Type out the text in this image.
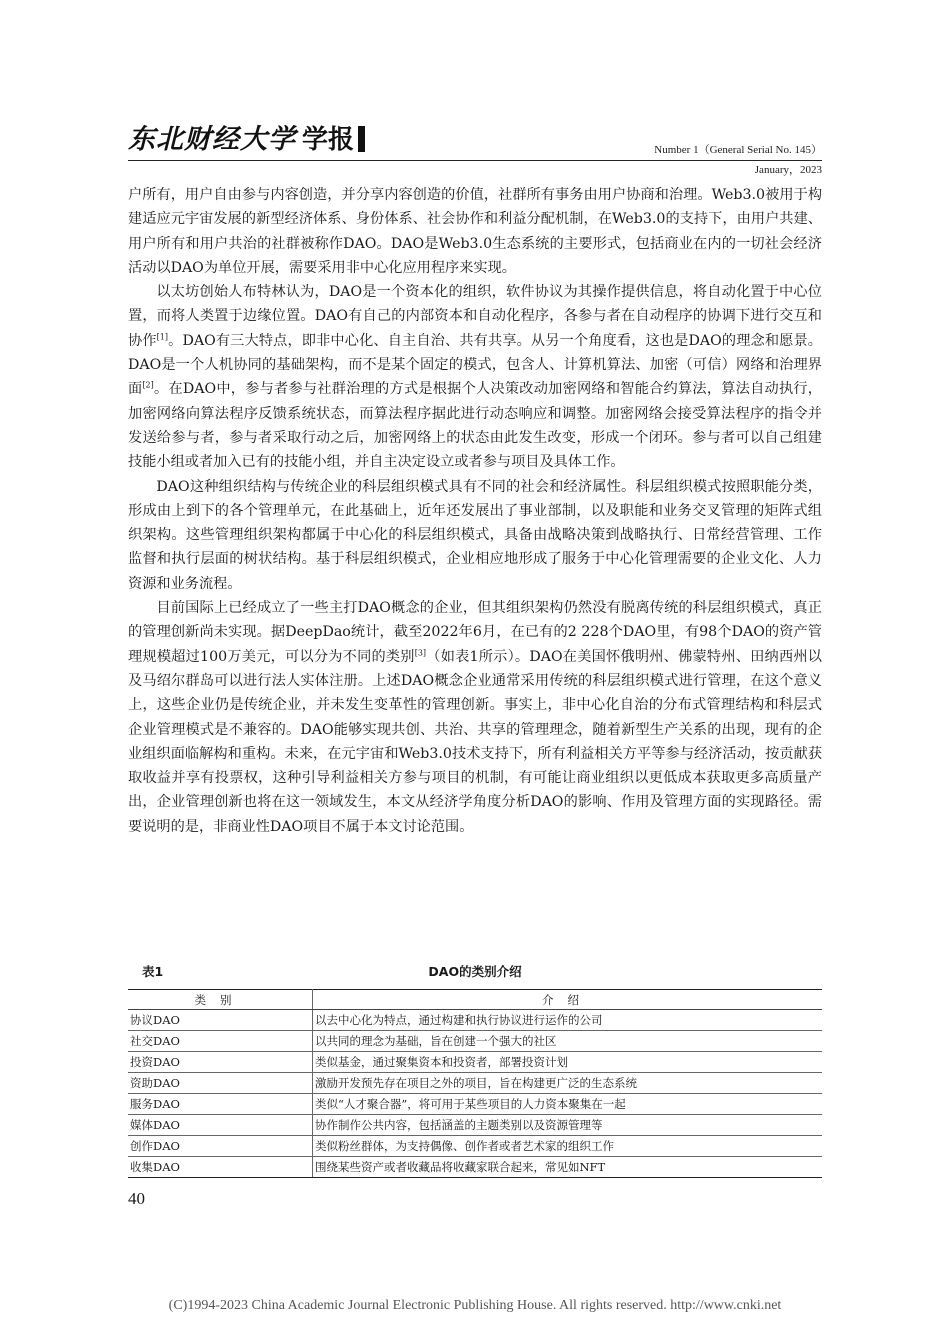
东北财经大学 学报	Number 1（General Serial No. 145）
January，2023

户所有，用户自由参与内容创造，并分享内容创造的价值，社群所有事务由用户协商和治理。Web3.0被用于构建适应元宇宙发展的新型经济体系、身份体系、社会协作和利益分配机制，在Web3.0的支持下，由用户共建、用户所有和用户共治的社群被称作DAO。DAO是Web3.0生态系统的主要形式，包括商业在内的一切社会经济活动以DAO为单位开展，需要采用非中心化应用程序来实现。

以太坊创始人布特林认为，DAO是一个资本化的组织，软件协议为其操作提供信息，将自动化置于中心位置，而将人类置于边缘位置。DAO有自己的内部资本和自动化程序，各参与者在自动程序的协调下进行交互和协作[1]。DAO有三大特点，即非中心化、自主自治、共有共享。从另一个角度看，这也是DAO的理念和愿景。DAO是一个人机协同的基础架构，而不是某个固定的模式，包含人、计算机算法、加密（可信）网络和治理界面[2]。在DAO中，参与者参与社群治理的方式是根据个人决策改动加密网络和智能合约算法，算法自动执行，加密网络向算法程序反馈系统状态，而算法程序据此进行动态响应和调整。加密网络会接受算法程序的指令并发送给参与者，参与者采取行动之后，加密网络上的状态由此发生改变，形成一个闭环。参与者可以自己组建技能小组或者加入已有的技能小组，并自主决定设立或者参与项目及具体工作。

DAO这种组织结构与传统企业的科层组织模式具有不同的社会和经济属性。科层组织模式按照职能分类，形成由上到下的各个管理单元，在此基础上，近年还发展出了事业部制，以及职能和业务交叉管理的矩阵式组织架构。这些管理组织架构都属于中心化的科层组织模式，具备由战略决策到战略执行、日常经营管理、工作监督和执行层面的树状结构。基于科层组织模式，企业相应地形成了服务于中心化管理需要的企业文化、人力资源和业务流程。

目前国际上已经成立了一些主打DAO概念的企业，但其组织架构仍然没有脱离传统的科层组织模式，真正的管理创新尚未实现。据DeepDao统计，截至2022年6月，在已有的2 228个DAO里，有98个DAO的资产管理规模超过100万美元，可以分为不同的类别[3]（如表1所示）。DAO在美国怀俄明州、佛蒙特州、田纳西州以及马绍尔群岛可以进行法人实体注册。上述DAO概念企业通常采用传统的科层组织模式进行管理，在这个意义上，这些企业仍是传统企业，并未发生变革性的管理创新。事实上，非中心化自治的分布式管理结构和科层式企业管理模式是不兼容的。DAO能够实现共创、共治、共享的管理理念，随着新型生产关系的出现，现有的企业组织面临解构和重构。未来，在元宇宙和Web3.0技术支持下，所有利益相关方平等参与经济活动，按贡献获取收益并享有投票权，这种引导利益相关方参与项目的机制，有可能让商业组织以更低成本获取更多高质量产出，企业管理创新也将在这一领域发生，本文从经济学角度分析DAO的影响、作用及管理方面的实现路径。需要说明的是，非商业性DAO项目不属于本文讨论范围。

表1	DAO的类别介绍
类别	介绍
协议DAO	以去中心化为特点，通过构建和执行协议进行运作的公司
社交DAO	以共同的理念为基础，旨在创建一个强大的社区
投资DAO	类似基金，通过聚集资本和投资者，部署投资计划
资助DAO	激励开发预先存在项目之外的项目，旨在构建更广泛的生态系统
服务DAO	类似“人才聚合器”，将可用于某些项目的人力资本聚集在一起
媒体DAO	协作制作公共内容，包括涵盖的主题类别以及资源管理等
创作DAO	类似粉丝群体，为支持偶像、创作者或者艺术家的组织工作
收集DAO	围绕某些资产或者收藏品将收藏家联合起来，常见如NFT
40
(C)1994-2023 China Academic Journal Electronic Publishing House. All rights reserved. http://www.cnki.net
